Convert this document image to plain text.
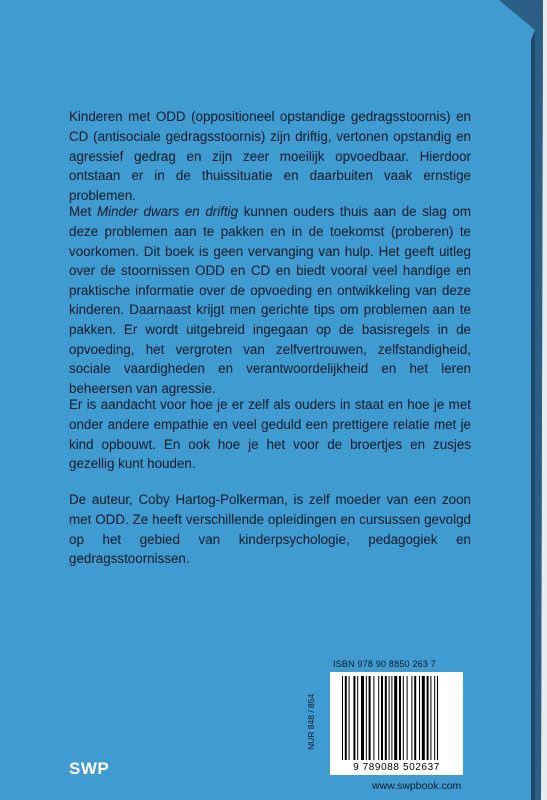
Kinderen met ODD (oppositioneel opstandige gedragsstoornis) en CD (antisociale gedragsstoornis) zijn driftig, vertonen opstandig en agressief gedrag en zijn zeer moeilijk opvoedbaar. Hierdoor ontstaan er in de thuissituatie en daarbuiten vaak ernstige problemen.

Met Minder dwars en driftig kunnen ouders thuis aan de slag om deze problemen aan te pakken en in de toekomst (proberen) te voorkomen. Dit boek is geen vervanging van hulp. Het geeft uitleg over de stoornissen ODD en CD en biedt vooral veel handige en praktische informatie over de opvoeding en ontwikkeling van deze kinderen. Daarnaast krijgt men gerichte tips om problemen aan te pakken. Er wordt uitgebreid ingegaan op de basisregels in de opvoeding, het vergroten van zelfvertrouwen, zelfstandigheid, sociale vaardigheden en verantwoordelijkheid en het leren beheersen van agressie.

Er is aandacht voor hoe je er zelf als ouders in staat en hoe je met onder andere empathie en veel geduld een prettigere relatie met je kind opbouwt. En ook hoe je het voor de broertjes en zusjes gezellig kunt houden.

De auteur, Coby Hartog-Polkerman, is zelf moeder van een zoon met ODD. Ze heeft verschillende opleidingen en cursussen gevolgd op het gebied van kinderpsychologie, pedagogiek en gedragsstoornissen.

ISBN 978 90 8850 263 7
NUR 848 / 854
9 789088 502637
SWP
www.swpbook.com
